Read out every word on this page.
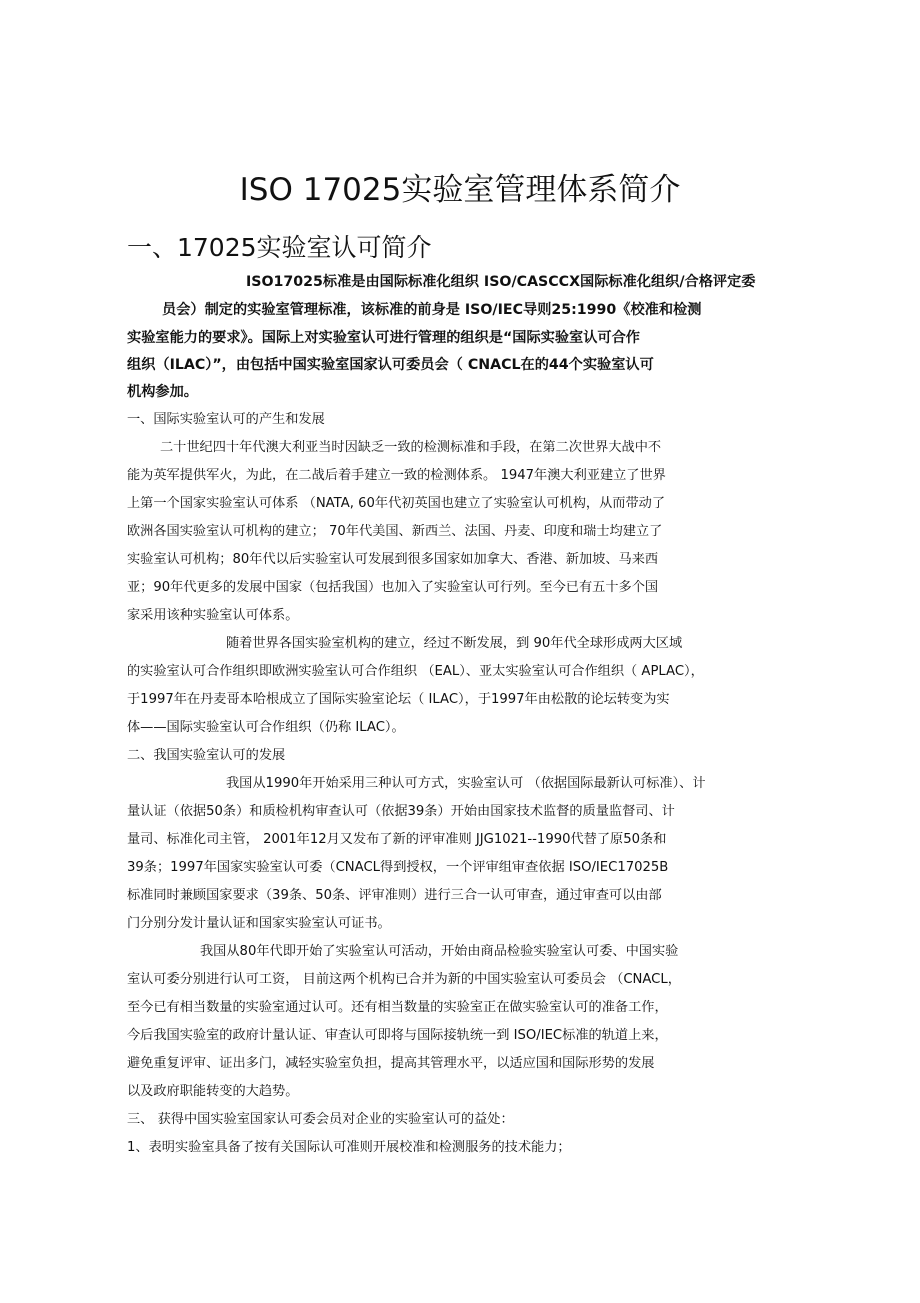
ISO 17025实验室管理体系简介
一、17025实验室认可简介
ISO17025标准是由国际标准化组织 ISO/CASCCX国际标准化组织/合格评定委
员会）制定的实验室管理标准，该标准的前身是 ISO/IEC导则25:1990《校准和检测
实验室能力的要求》。国际上对实验室认可进行管理的组织是“国际实验室认可合作
组织（ILAC）”，由包括中国实验室国家认可委员会（ CNACL在的44个实验室认可
机构参加。
一、国际实验室认可的产生和发展
二十世纪四十年代澳大利亚当时因缺乏一致的检测标准和手段，在第二次世界大战中不
能为英军提供军火，为此，在二战后着手建立一致的检测体系。 1947年澳大利亚建立了世界
上第一个国家实验室认可体系 （NATA, 60年代初英国也建立了实验室认可机构，从而带动了
欧洲各国实验室认可机构的建立； 70年代美国、新西兰、法国、丹麦、印度和瑞士均建立了
实验室认可机构；80年代以后实验室认可发展到很多国家如加拿大、香港、新加坡、马来西
亚；90年代更多的发展中国家（包括我国）也加入了实验室认可行列。至今已有五十多个国
家采用该种实验室认可体系。
随着世界各国实验室机构的建立，经过不断发展，到 90年代全球形成两大区域
的实验室认可合作组织即欧洲实验室认可合作组织 （EAL）、亚太实验室认可合作组织（ APLAC），
于1997年在丹麦哥本哈根成立了国际实验室论坛（ ILAC），于1997年由松散的论坛转变为实
体——国际实验室认可合作组织（仍称 ILAC）。
二、我国实验室认可的发展
我国从1990年开始采用三种认可方式，实验室认可 （依据国际最新认可标准）、计
量认证（依据50条）和质检机构审查认可（依据39条）开始由国家技术监督的质量监督司、计
量司、标准化司主管， 2001年12月又发布了新的评审准则 JJG1021--1990代替了原50条和
39条；1997年国家实验室认可委（CNACL得到授权，一个评审组审查依据 ISO/IEC17025B
标准同时兼顾国家要求（39条、50条、评审准则）进行三合一认可审查，通过审查可以由部
门分别分发计量认证和国家实验室认可证书。
我国从80年代即开始了实验室认可活动，开始由商品检验实验室认可委、中国实验
室认可委分别进行认可工资， 目前这两个机构已合并为新的中国实验室认可委员会 （CNACL，
至今已有相当数量的实验室通过认可。还有相当数量的实验室正在做实验室认可的准备工作，
今后我国实验室的政府计量认证、审查认可即将与国际接轨统一到 ISO/IEC标准的轨道上来，
避免重复评审、证出多门，减轻实验室负担，提高其管理水平，以适应国和国际形势的发展
以及政府职能转变的大趋势。
三、 获得中国实验室国家认可委会员对企业的实验室认可的益处：
1、表明实验室具备了按有关国际认可准则开展校准和检测服务的技术能力；
